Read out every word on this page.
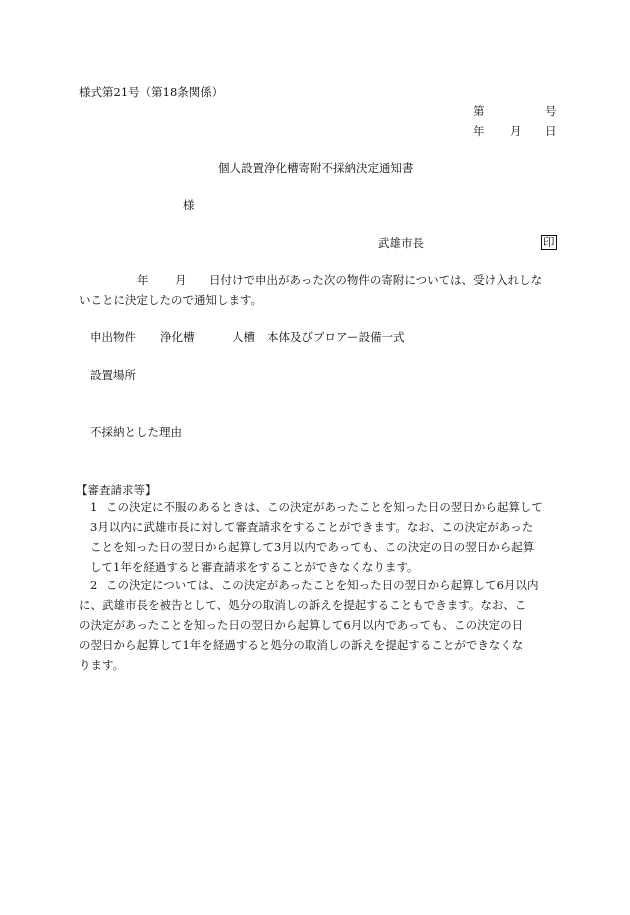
様式第21号（第18条関係）
第	号
年 月 日
個人設置浄化槽寄附不採納決定通知書
様
武雄市長	印
年 月 日付けで申出があった次の物件の寄附については、受け入れしな
いことに決定したので通知します。
申出物件 浄化槽	人槽 本体及びブロアー設備一式
設置場所
不採納とした理由
【審査請求等】
1 この決定に不服のあるときは、この決定があったことを知った日の翌日から起算して
3月以内に武雄市長に対して審査請求をすることができます。なお、この決定があった
ことを知った日の翌日から起算して3月以内であっても、この決定の日の翌日から起算
して1年を経過すると審査請求をすることができなくなります。
2 この決定については、この決定があったことを知った日の翌日から起算して6月以内
に、武雄市長を被告として、処分の取消しの訴えを提起することもできます。なお、こ
の決定があったことを知った日の翌日から起算して6月以内であっても、この決定の日
の翌日から起算して1年を経過すると処分の取消しの訴えを提起することができなくな
ります。
